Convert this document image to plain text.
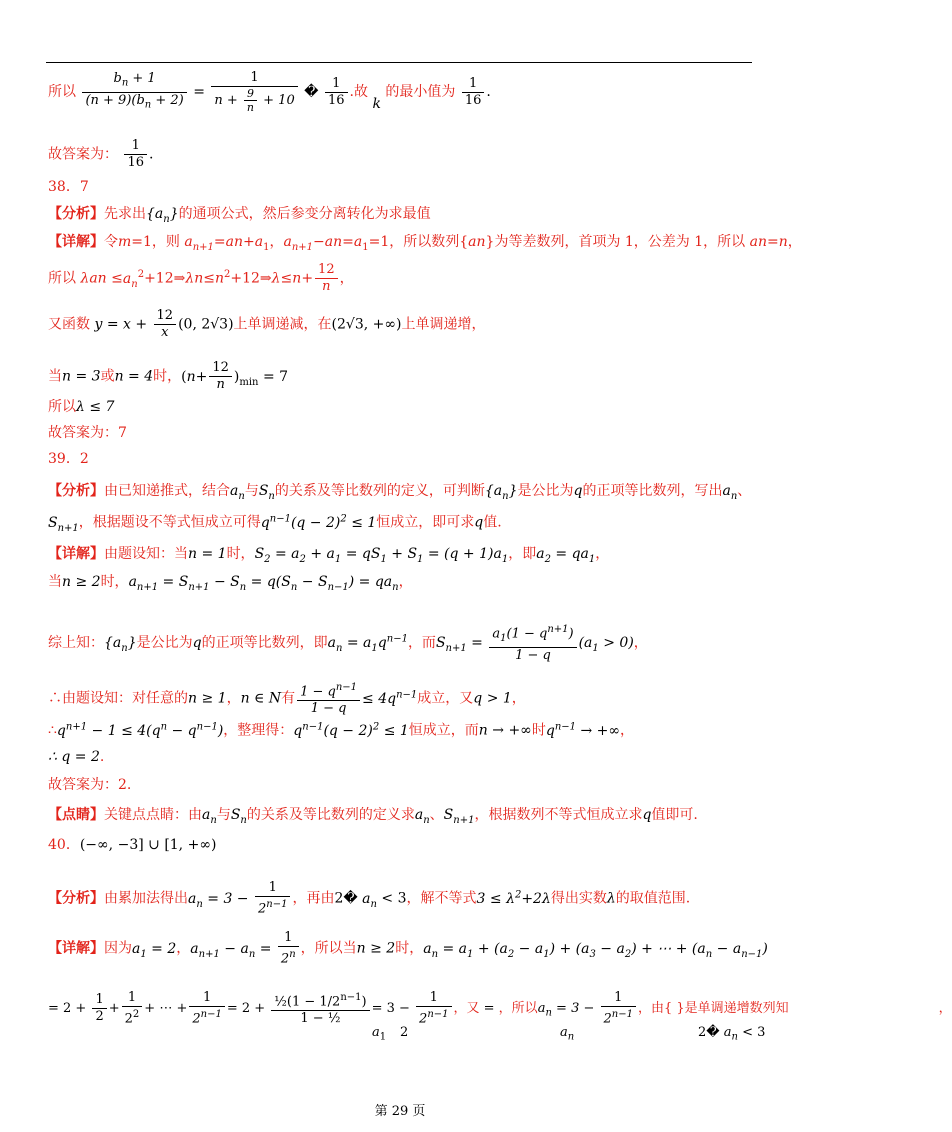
所以 $\frac{b_n + 1}{(n + 9)(b_n + 2)} = \frac{1}{n + \frac{9}{n} + 10}$ � $\frac{1}{16}$ .故 k 的最小值为 $\frac{1}{16}$ .
故答案为： $\frac{1}{16}$ .
38．7
【分析】先求出$\{a_n\}$的通项公式，然后参变分离转化为求最值
【详解】令m=1，则 $a_{n+1}=an+a_1$，$a_{n+1}-an=a_1=1$，所以数列{an}为等差数列，首项为 1，公差为 1，所以 an=n，
所以 $\lambda an \le a_n^2+12\Rightarrow\lambda n\le n^2+12\Rightarrow\lambda\le n+ \frac{12}{n}$ ，
又函数 $y = x + \frac{12}{x} (0$, 2√3)上单调递减，在(2√3, +∞)上单调递增，
当n = 3或n = 4时，$(n+ \frac{12}{n} )_{min} = 7$
所以λ ≤ 7
故答案为：7
39．2
【分析】由已知递推式，结合$a_n$与$S_n$的关系及等比数列的定义，可判断$\{a_n\}$是公比为q的正项等比数列，写出$a_n$、
$S_{n+1}$，根据题设不等式恒成立可得$q^{n-1}(q - 2)^2 \le 1$恒成立，即可求q值.
【详解】由题设知：当n = 1时，$S_2 = a_2 + a_1 = qS_1 + S_1 = (q + 1)a_1$，即$a_2 = qa_1$，
当n ≥ 2时，$a_{n+1} = S_{n+1} - S_n = q(S_n - S_{n-1}) = qa_n$，
综上知：$\{a_n\}$是公比为q的正项等比数列，即$a_n = a_1q^{n-1}$，而$S_{n+1} = \frac{a_1(1 - q^{n+1})}{1 - q} (a_1 > 0)$，
∴由题设知：对任意的n ≥ 1，n ∈ N有 $\frac{1 - q^{n-1}}{1 - q} \le 4q^{n-1}$成立，又q > 1，
$\therefore q^{n+1} - 1 \le 4(q^n - q^{n-1})$，整理得：$q^{n-1}(q - 2)^2 \le 1$恒成立，而n → +∞时$q^{n-1}$ → +∞，
∴ q = 2.
故答案为：2.
【点睛】关键点点睛：由$a_n$与$S_n$的关系及等比数列的定义求$a_n$、$S_{n+1}$，根据数列不等式恒成立求q值即可.
40．(−∞, −3] ∪ [1, +∞)
【分析】由累加法得出$a_n = 3 - \frac{1}{2^{n-1}}$ ，再由2� $a_n < 3$，解不等式$3 \le \lambda^2+2\lambda$得出实数λ的取值范围.
【详解】因为$a_1 = 2$，$a_{n+1} - a_n = \frac{1}{2^n}$ ，所以当n ≥ 2时，$a_n = a_1 + (a_2 - a_1) + (a_3 - a_2)$ + ⋯ + $(a_n - a_{n-1})$
= $2 + \frac{1}{2} + \frac{1}{2^2}$ + ⋯ + $\frac{1}{2^{n-1}} = 2 + \frac{\frac{1}{2}(1 - 1/2^{n-1})}{\text{1 − ½}} = 3 - \frac{1}{2^{n-1}}$ ，又 = ，所以$a_n = 3 - \frac{1}{2^{n-1}}$ ，由{ }是单调递增数列知	，
$a_1$ 2	$a_n$	2� $a_n < 3$
第 29 页
